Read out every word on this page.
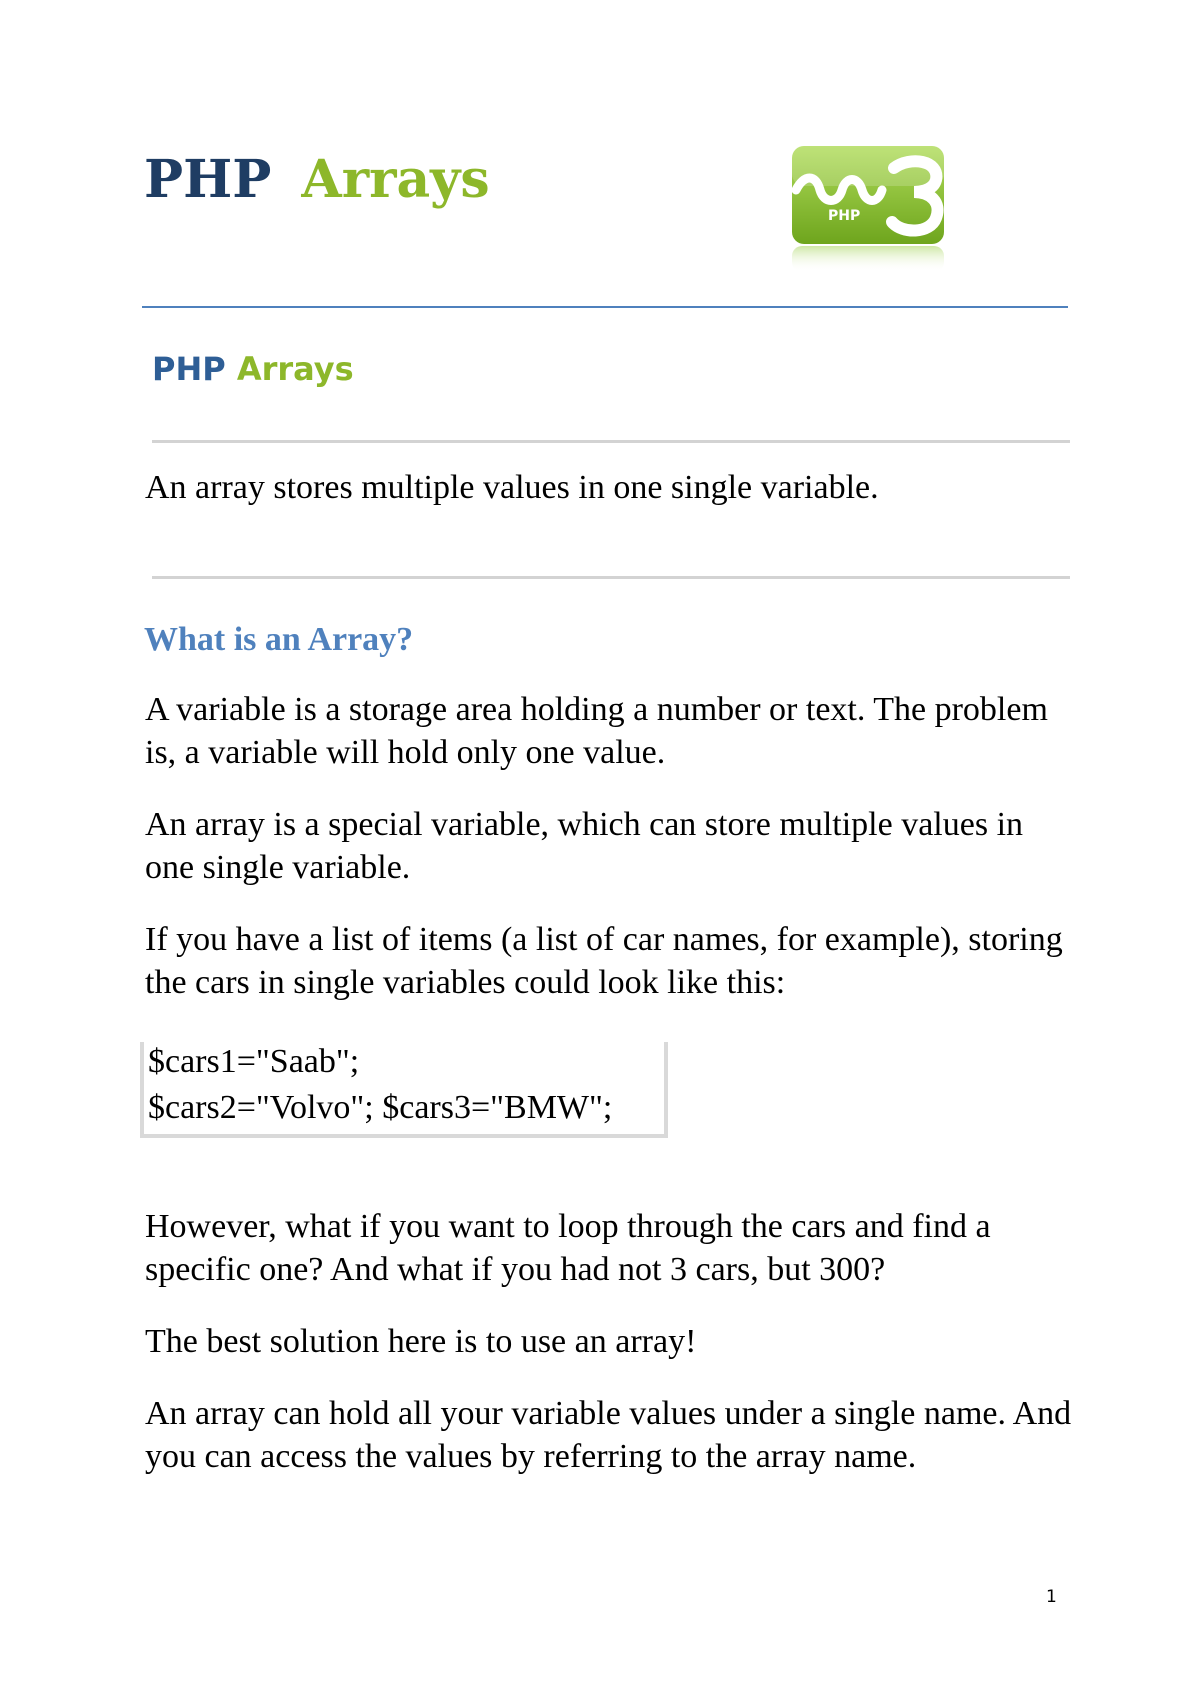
PHP Arrays
PHP
PHP Arrays

An array stores multiple values in one single variable.

What is an Array?

A variable is a storage area holding a number or text. The problem is, a variable will hold only one value.

An array is a special variable, which can store multiple values in one single variable.

If you have a list of items (a list of car names, for example), storing the cars in single variables could look like this:

$cars1="Saab";

$cars2="Volvo"; $cars3="BMW";

However, what if you want to loop through the cars and find a specific one? And what if you had not 3 cars, but 300?

The best solution here is to use an array!

An array can hold all your variable values under a single name. And you can access the values by referring to the array name.

1
